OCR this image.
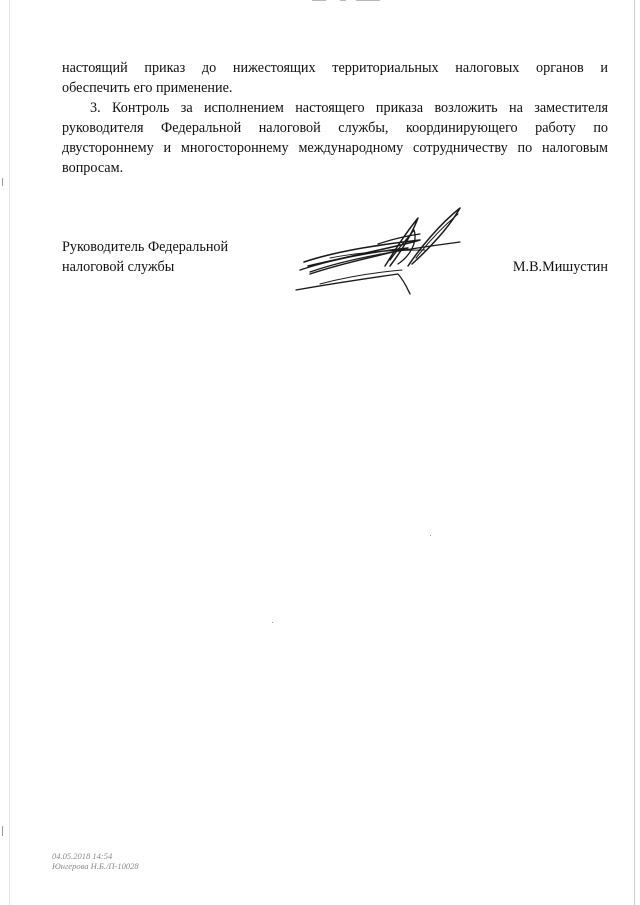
настоящий приказ до нижестоящих территориальных налоговых органов и
обеспечить его применение.
3. Контроль за исполнением настоящего приказа возложить на заместителя
руководителя Федеральной налоговой службы, координирующего работу по
двустороннему и многостороннему международному сотрудничеству по налоговым
вопросам.
Руководитель Федеральной
налоговой службы	М.В.Мишустин
04.05.2018 14:54
Юнгерова Н.Б./П-10028
